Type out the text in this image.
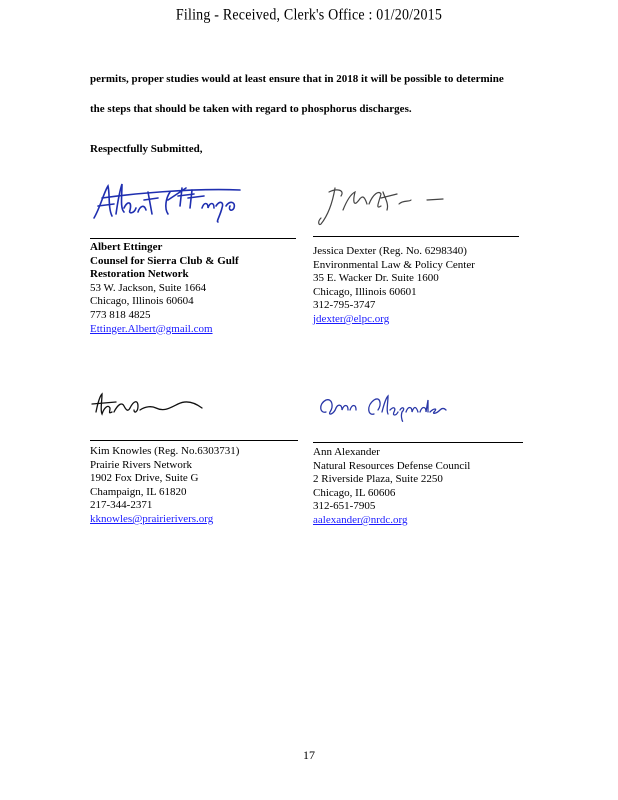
Filing - Received, Clerk's Office : 01/20/2015
permits, proper studies would at least ensure that in 2018 it will be possible to determine
the steps that should be taken with regard to phosphorus discharges.
Respectfully Submitted,
Albert Ettinger
Counsel for Sierra Club & Gulf
Restoration Network
53 W. Jackson, Suite 1664
Chicago, Illinois 60604
773 818 4825
Ettinger.Albert@gmail.com
Jessica Dexter (Reg. No. 6298340)
Environmental Law & Policy Center
35 E. Wacker Dr. Suite 1600
Chicago, Illinois 60601
312-795-3747
jdexter@elpc.org
Kim Knowles (Reg. No.6303731)
Prairie Rivers Network
1902 Fox Drive, Suite G
Champaign, IL 61820
217-344-2371
kknowles@prairierivers.org
Ann Alexander
Natural Resources Defense Council
2 Riverside Plaza, Suite 2250
Chicago, IL 60606
312-651-7905
aalexander@nrdc.org
17
